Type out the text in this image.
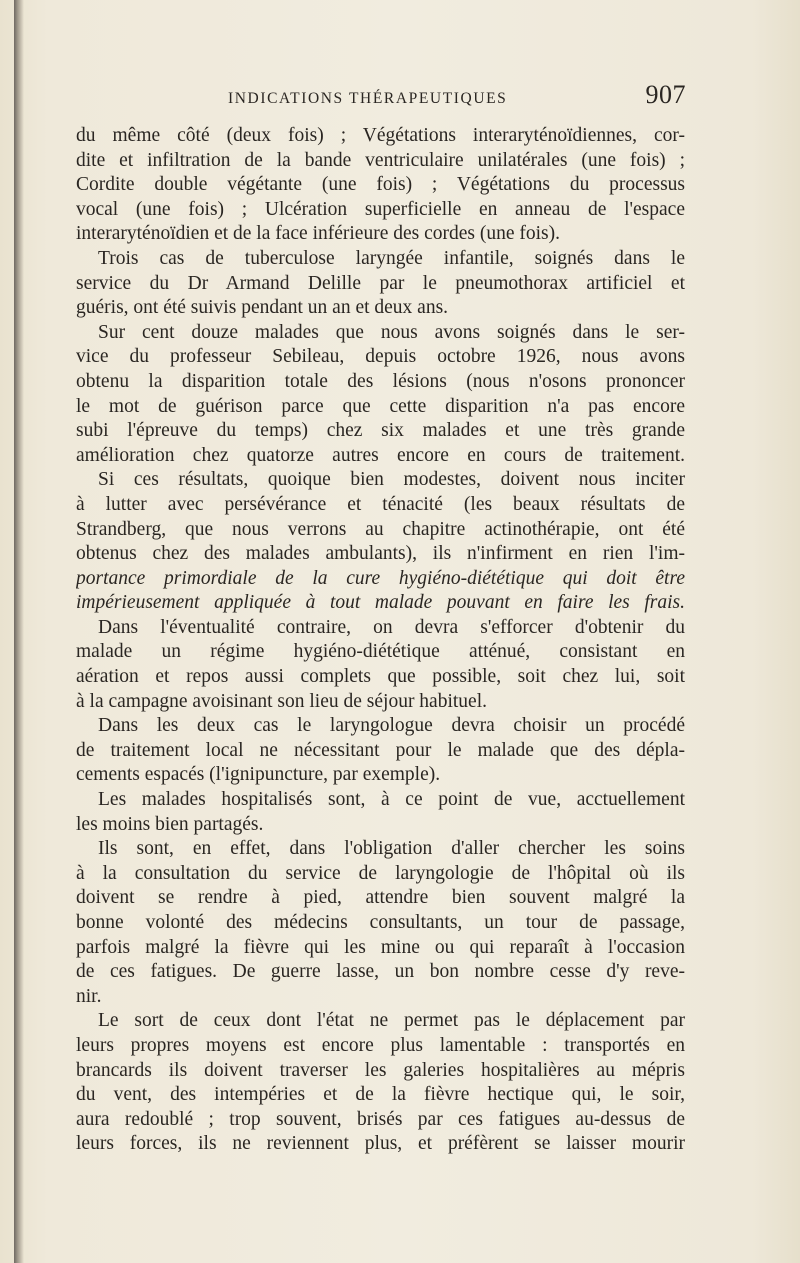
INDICATIONS THÉRAPEUTIQUES	907
du même côté (deux fois) ; Végétations interaryténoïdiennes, cor-
dite et infiltration de la bande ventriculaire unilatérales (une fois) ;
Cordite double végétante (une fois) ; Végétations du processus
vocal (une fois) ; Ulcération superficielle en anneau de l'espace
interaryténoïdien et de la face inférieure des cordes (une fois).
Trois cas de tuberculose laryngée infantile, soignés dans le
service du Dr Armand Delille par le pneumothorax artificiel et
guéris, ont été suivis pendant un an et deux ans.
Sur cent douze malades que nous avons soignés dans le ser-
vice du professeur Sebileau, depuis octobre 1926, nous avons
obtenu la disparition totale des lésions (nous n'osons prononcer
le mot de guérison parce que cette disparition n'a pas encore
subi l'épreuve du temps) chez six malades et une très grande
amélioration chez quatorze autres encore en cours de traitement.
Si ces résultats, quoique bien modestes, doivent nous inciter
à lutter avec persévérance et ténacité (les beaux résultats de
Strandberg, que nous verrons au chapitre actinothérapie, ont été
obtenus chez des malades ambulants), ils n'infirment en rien l'im-
portance primordiale de la cure hygiéno-diététique qui doit être
impérieusement appliquée à tout malade pouvant en faire les frais.
Dans l'éventualité contraire, on devra s'efforcer d'obtenir du
malade un régime hygiéno-diététique atténué, consistant en
aération et repos aussi complets que possible, soit chez lui, soit
à la campagne avoisinant son lieu de séjour habituel.
Dans les deux cas le laryngologue devra choisir un procédé
de traitement local ne nécessitant pour le malade que des dépla-
cements espacés (l'ignipuncture, par exemple).
Les malades hospitalisés sont, à ce point de vue, acctuellement
les moins bien partagés.
Ils sont, en effet, dans l'obligation d'aller chercher les soins
à la consultation du service de laryngologie de l'hôpital où ils
doivent se rendre à pied, attendre bien souvent malgré la
bonne volonté des médecins consultants, un tour de passage,
parfois malgré la fièvre qui les mine ou qui reparaît à l'occasion
de ces fatigues. De guerre lasse, un bon nombre cesse d'y reve-
nir.
Le sort de ceux dont l'état ne permet pas le déplacement par
leurs propres moyens est encore plus lamentable : transportés en
brancards ils doivent traverser les galeries hospitalières au mépris
du vent, des intempéries et de la fièvre hectique qui, le soir,
aura redoublé ; trop souvent, brisés par ces fatigues au-dessus de
leurs forces, ils ne reviennent plus, et préfèrent se laisser mourir
